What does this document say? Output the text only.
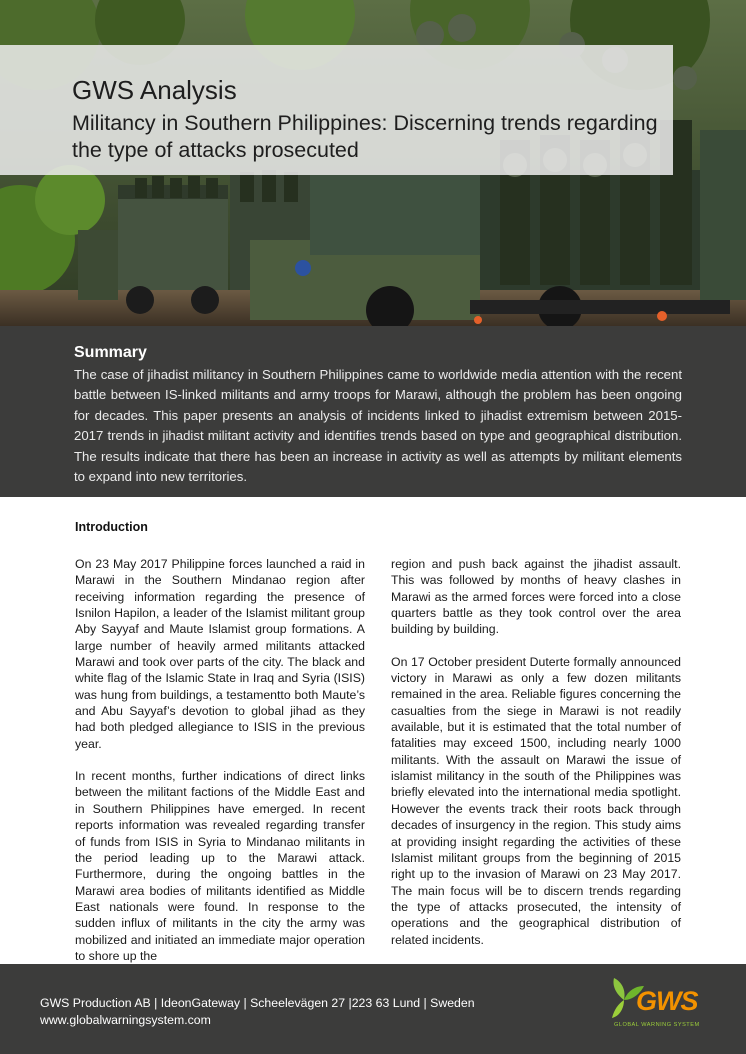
GWS Analysis
Militancy in Southern Philippines: Discerning trends regarding the type of attacks prosecuted
Summary

The case of jihadist militancy in Southern Philippines came to worldwide media attention with the recent battle between IS-linked militants and army troops for Marawi, although the problem has been ongoing for decades. This paper presents an analysis of incidents linked to jihadist extremism between 2015-2017 trends in jihadist militant activity and identifies trends based on type and geographical distribution. The results indicate that there has been an increase in activity as well as attempts by militant elements to expand into new territories.

Introduction

On 23 May 2017 Philippine forces launched a raid in Marawi in the Southern Mindanao region after receiving information regarding the presence of Isnilon Hapilon, a leader of the Islamist militant group Aby Sayyaf and Maute Islamist group formations. A large number of heavily armed militants attacked Marawi and took over parts of the city. The black and white flag of the Islamic State in Iraq and Syria (ISIS) was hung from buildings, a testamentto both Maute’s and Abu Sayyaf’s devotion to global jihad as they had both pledged allegiance to ISIS in the previous year.

In recent months, further indications of direct links between the militant factions of the Middle East and in Southern Philippines have emerged. In recent reports information was revealed regarding transfer of funds from ISIS in Syria to Mindanao militants in the period leading up to the Marawi attack. Furthermore, during the ongoing battles in the Marawi area bodies of militants identified as Middle East nationals were found. In response to the sudden influx of militants in the city the army was mobilized and initiated an immediate major operation to shore up the

region and push back against the jihadist assault. This was followed by months of heavy clashes in Marawi as the armed forces were forced into a close quarters battle as they took control over the area building by building.

On 17 October president Duterte formally announced victory in Marawi as only a few dozen militants remained in the area. Reliable figures concerning the casualties from the siege in Marawi is not readily available, but it is estimated that the total number of fatalities may exceed 1500, including nearly 1000 militants. With the assault on Marawi the issue of islamist militancy in the south of the Philippines was briefly elevated into the international media spotlight. However the events track their roots back through decades of insurgency in the region. This study aims at providing insight regarding the activities of these Islamist militant groups from the beginning of 2015 right up to the invasion of Marawi on 23 May 2017. The main focus will be to discern trends regarding the type of attacks prosecuted, the intensity of operations and the geographical distribution of related incidents.

GWS Production AB | IdeonGateway | Scheelevägen 27 |223 63 Lund | Sweden

www.globalwarningsystem.com

GWS
GLOBAL WARNING SYSTEM
